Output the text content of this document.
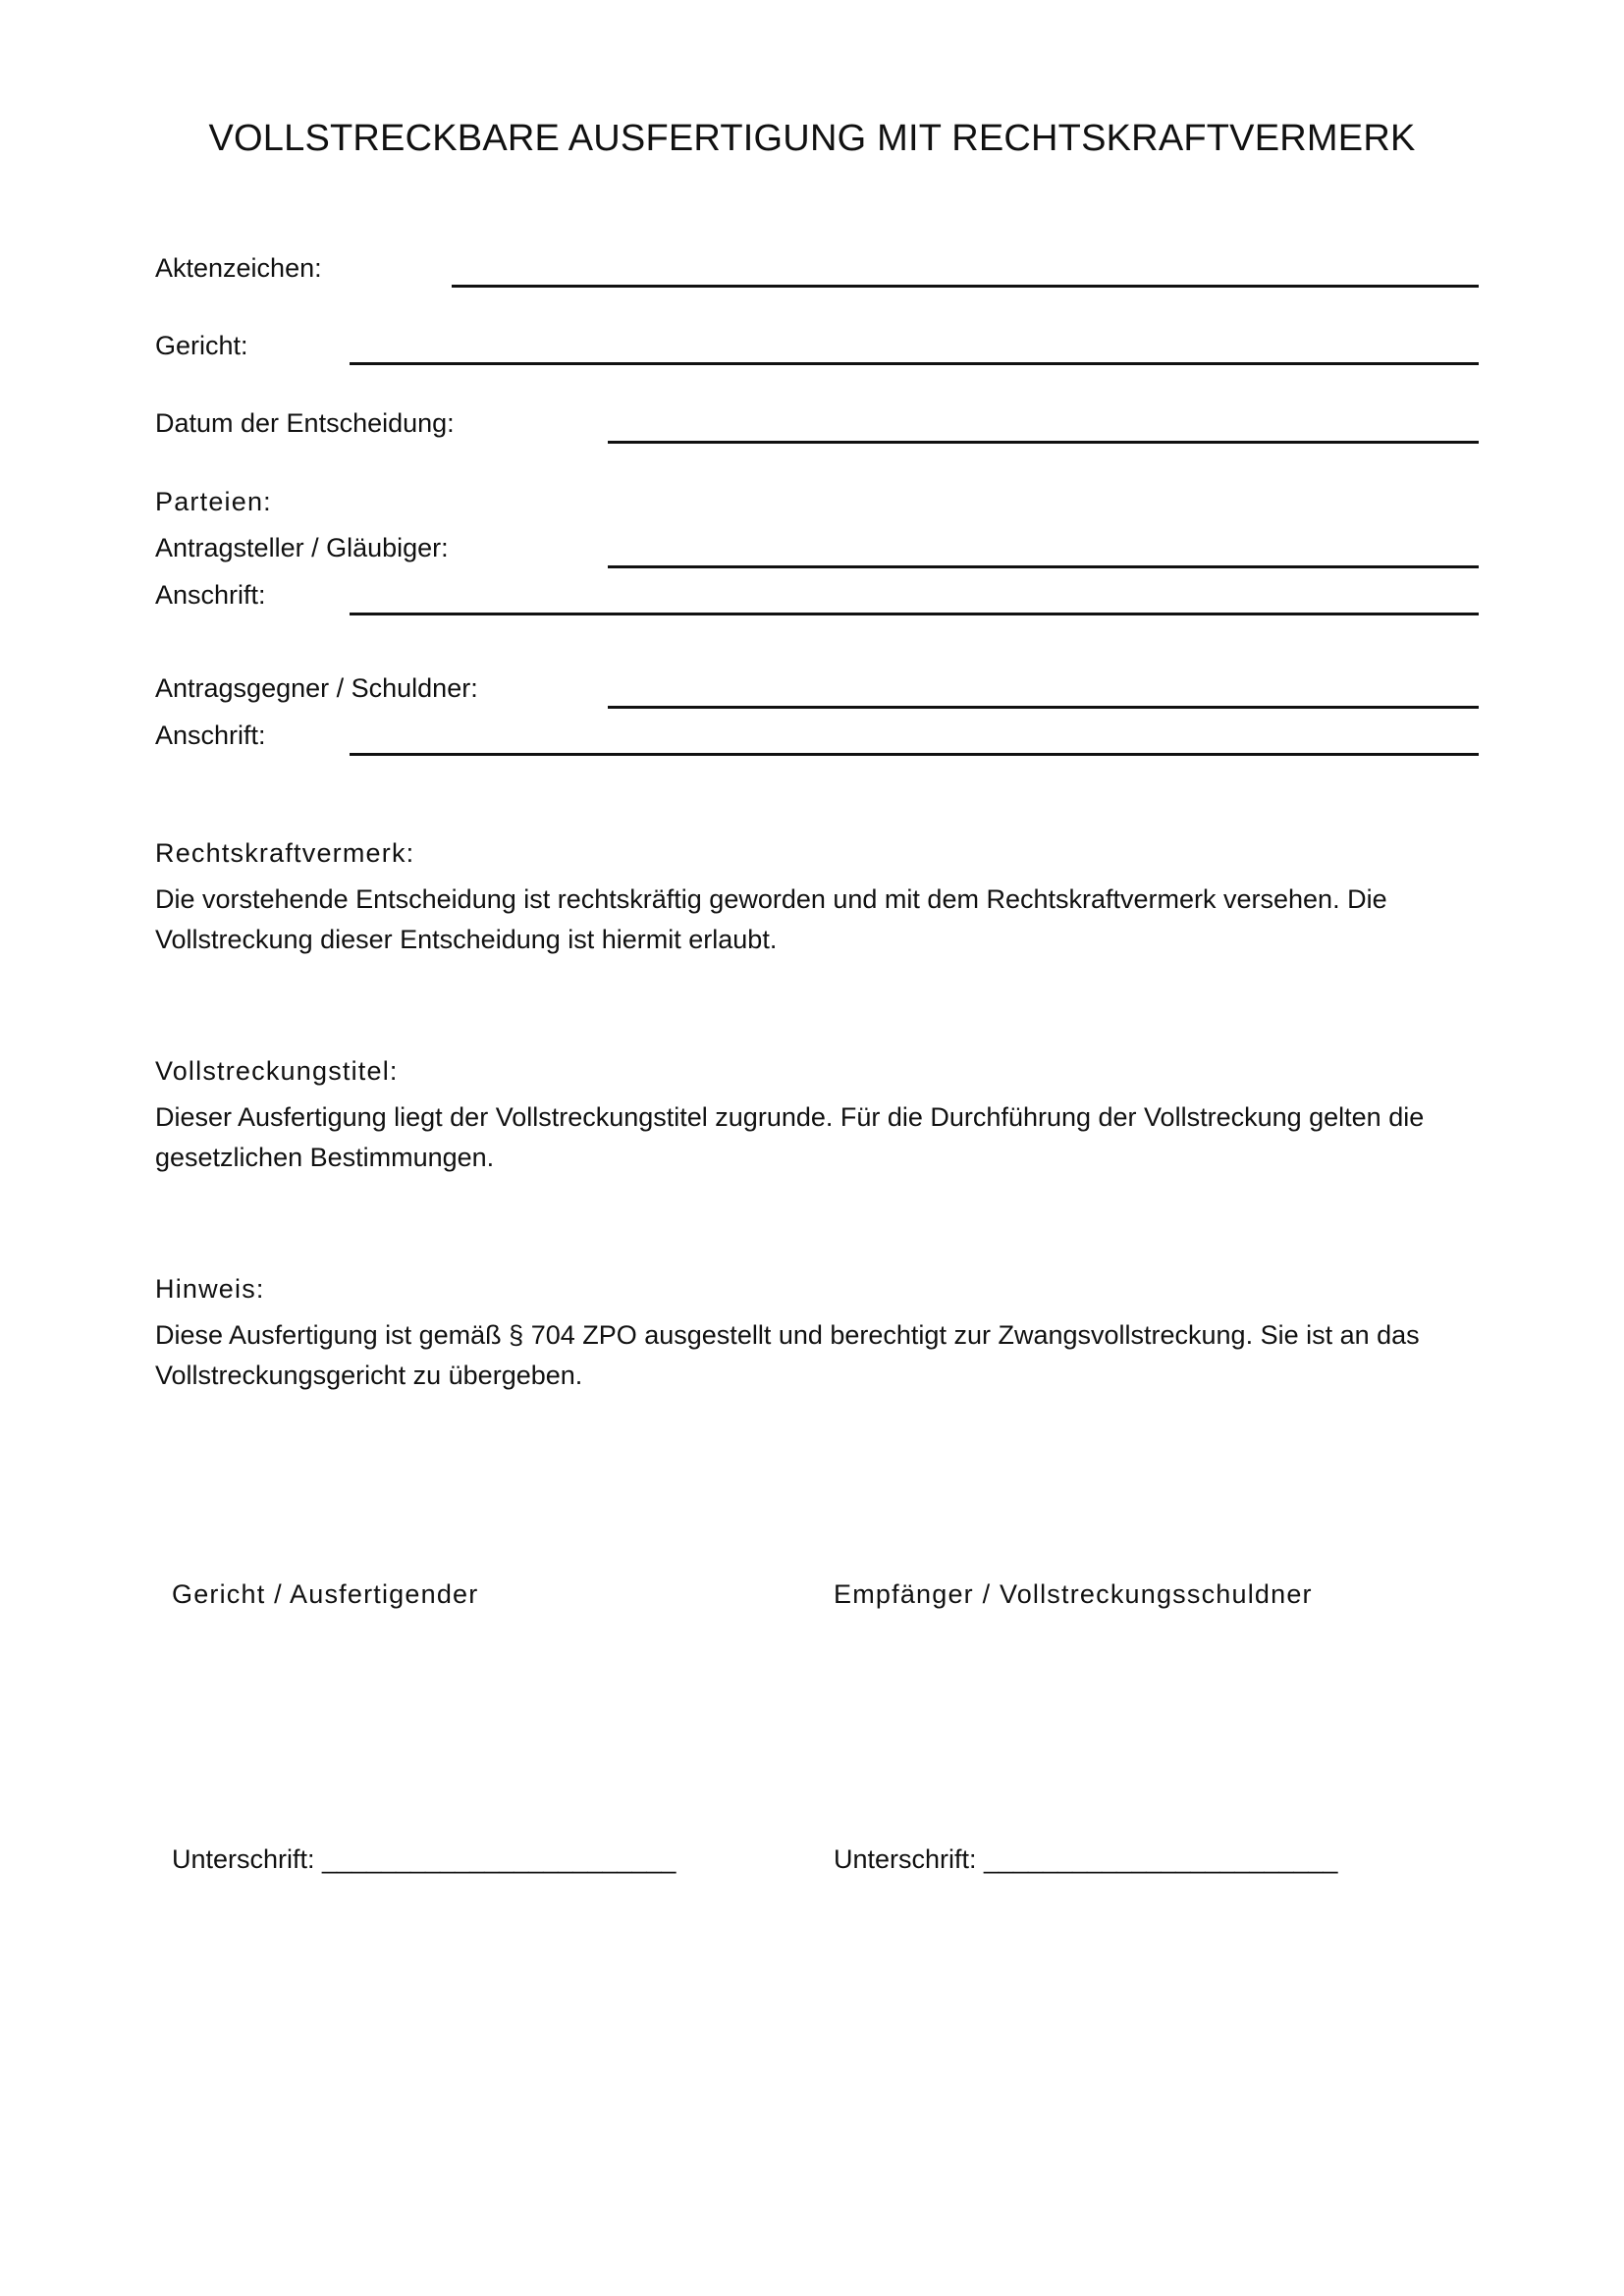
VOLLSTRECKBARE AUSFERTIGUNG MIT RECHTSKRAFTVERMERK
Aktenzeichen:
Gericht:
Datum der Entscheidung:
Parteien:
Antragsteller / Gläubiger:
Anschrift:
Antragsgegner / Schuldner:
Anschrift:
Rechtskraftvermerk:
Die vorstehende Entscheidung ist rechtskräftig geworden und mit dem Rechtskraftvermerk versehen. Die Vollstreckung dieser Entscheidung ist hiermit erlaubt.
Vollstreckungstitel:
Dieser Ausfertigung liegt der Vollstreckungstitel zugrunde. Für die Durchführung der Vollstreckung gelten die gesetzlichen Bestimmungen.
Hinweis:
Diese Ausfertigung ist gemäß § 704 ZPO ausgestellt und berechtigt zur Zwangsvollstreckung. Sie ist an das Vollstreckungsgericht zu übergeben.
Gericht / Ausfertigender	Empfänger / Vollstreckungsschuldner
Unterschrift: ________________________	Unterschrift: ________________________
